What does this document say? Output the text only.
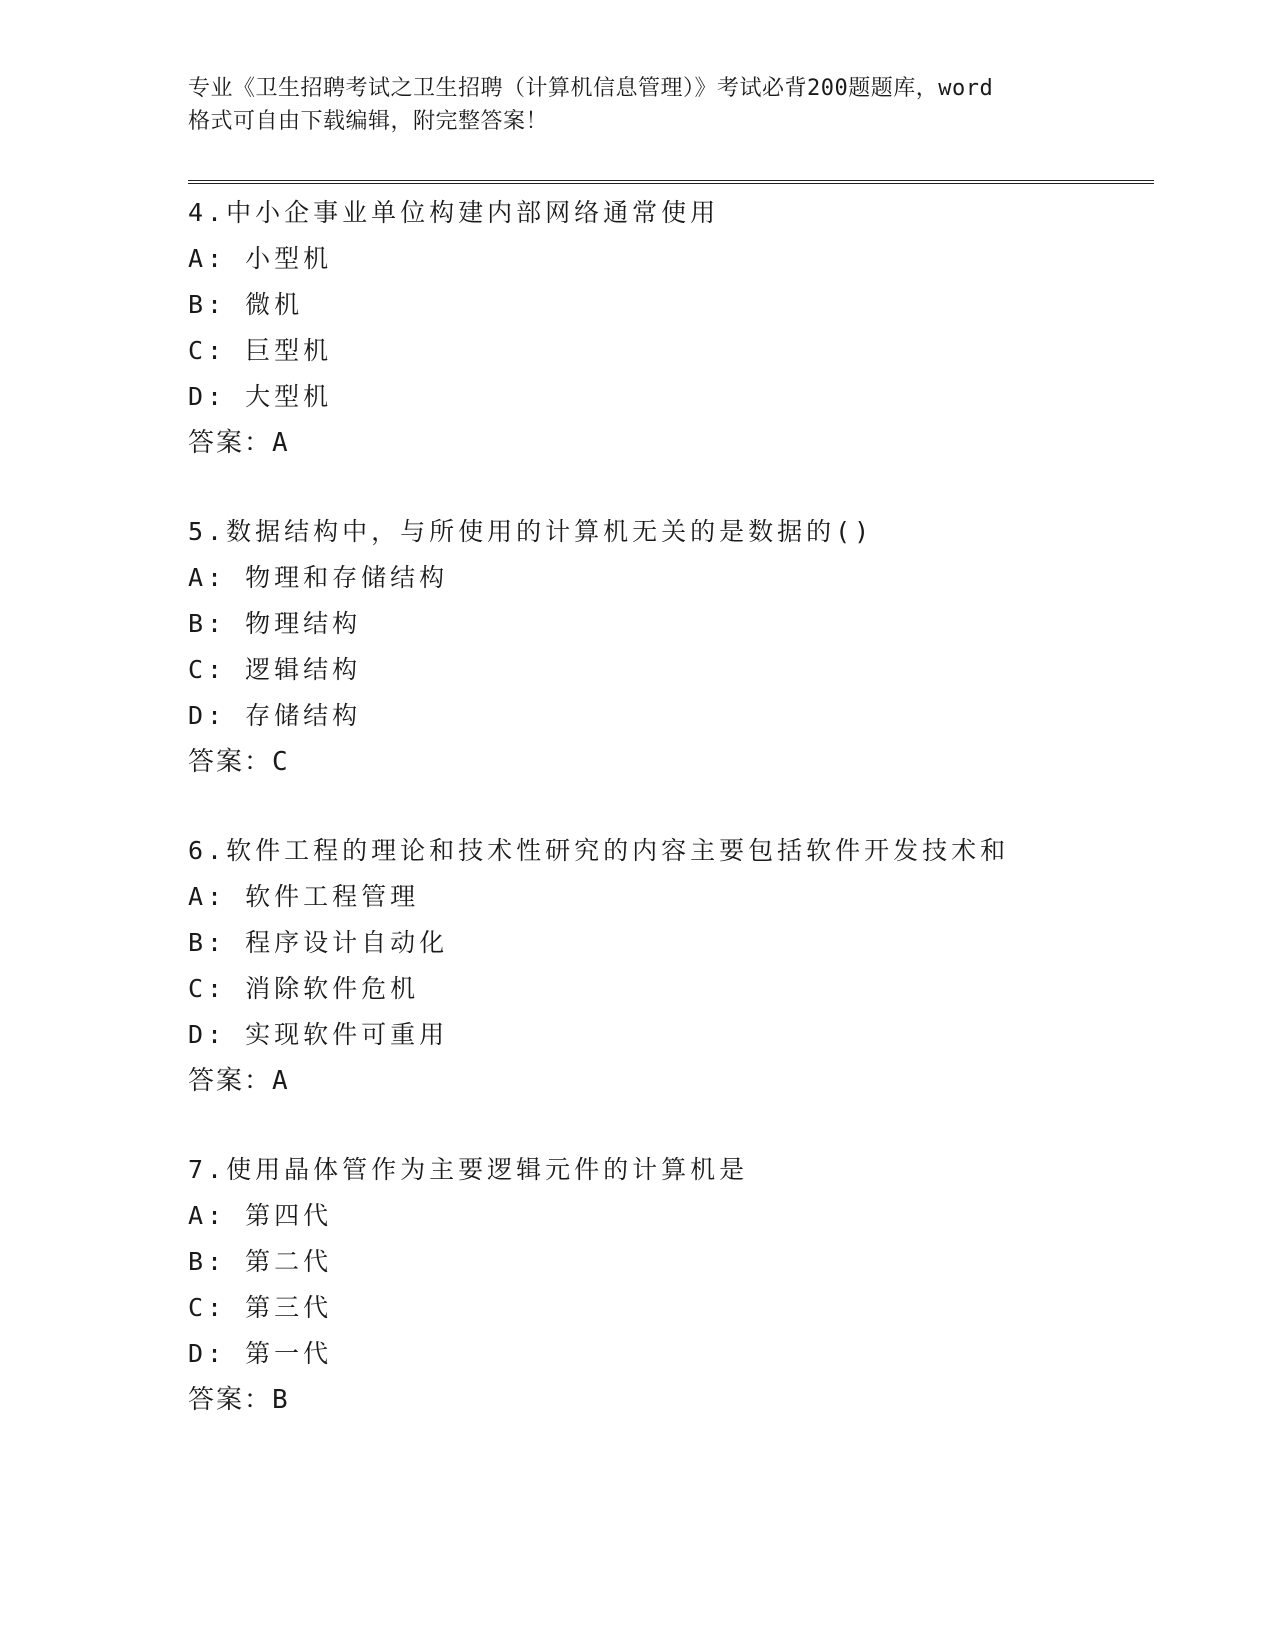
专业《卫生招聘考试之卫生招聘（计算机信息管理）》考试必背200题题库，word
格式可自由下载编辑，附完整答案！
4.中小企事业单位构建内部网络通常使用
A: 小型机
B: 微机
C: 巨型机
D: 大型机
答案：A
5.数据结构中，与所使用的计算机无关的是数据的()
A: 物理和存储结构
B: 物理结构
C: 逻辑结构
D: 存储结构
答案：C
6.软件工程的理论和技术性研究的内容主要包括软件开发技术和
A: 软件工程管理
B: 程序设计自动化
C: 消除软件危机
D: 实现软件可重用
答案：A
7.使用晶体管作为主要逻辑元件的计算机是
A: 第四代
B: 第二代
C: 第三代
D: 第一代
答案：B
